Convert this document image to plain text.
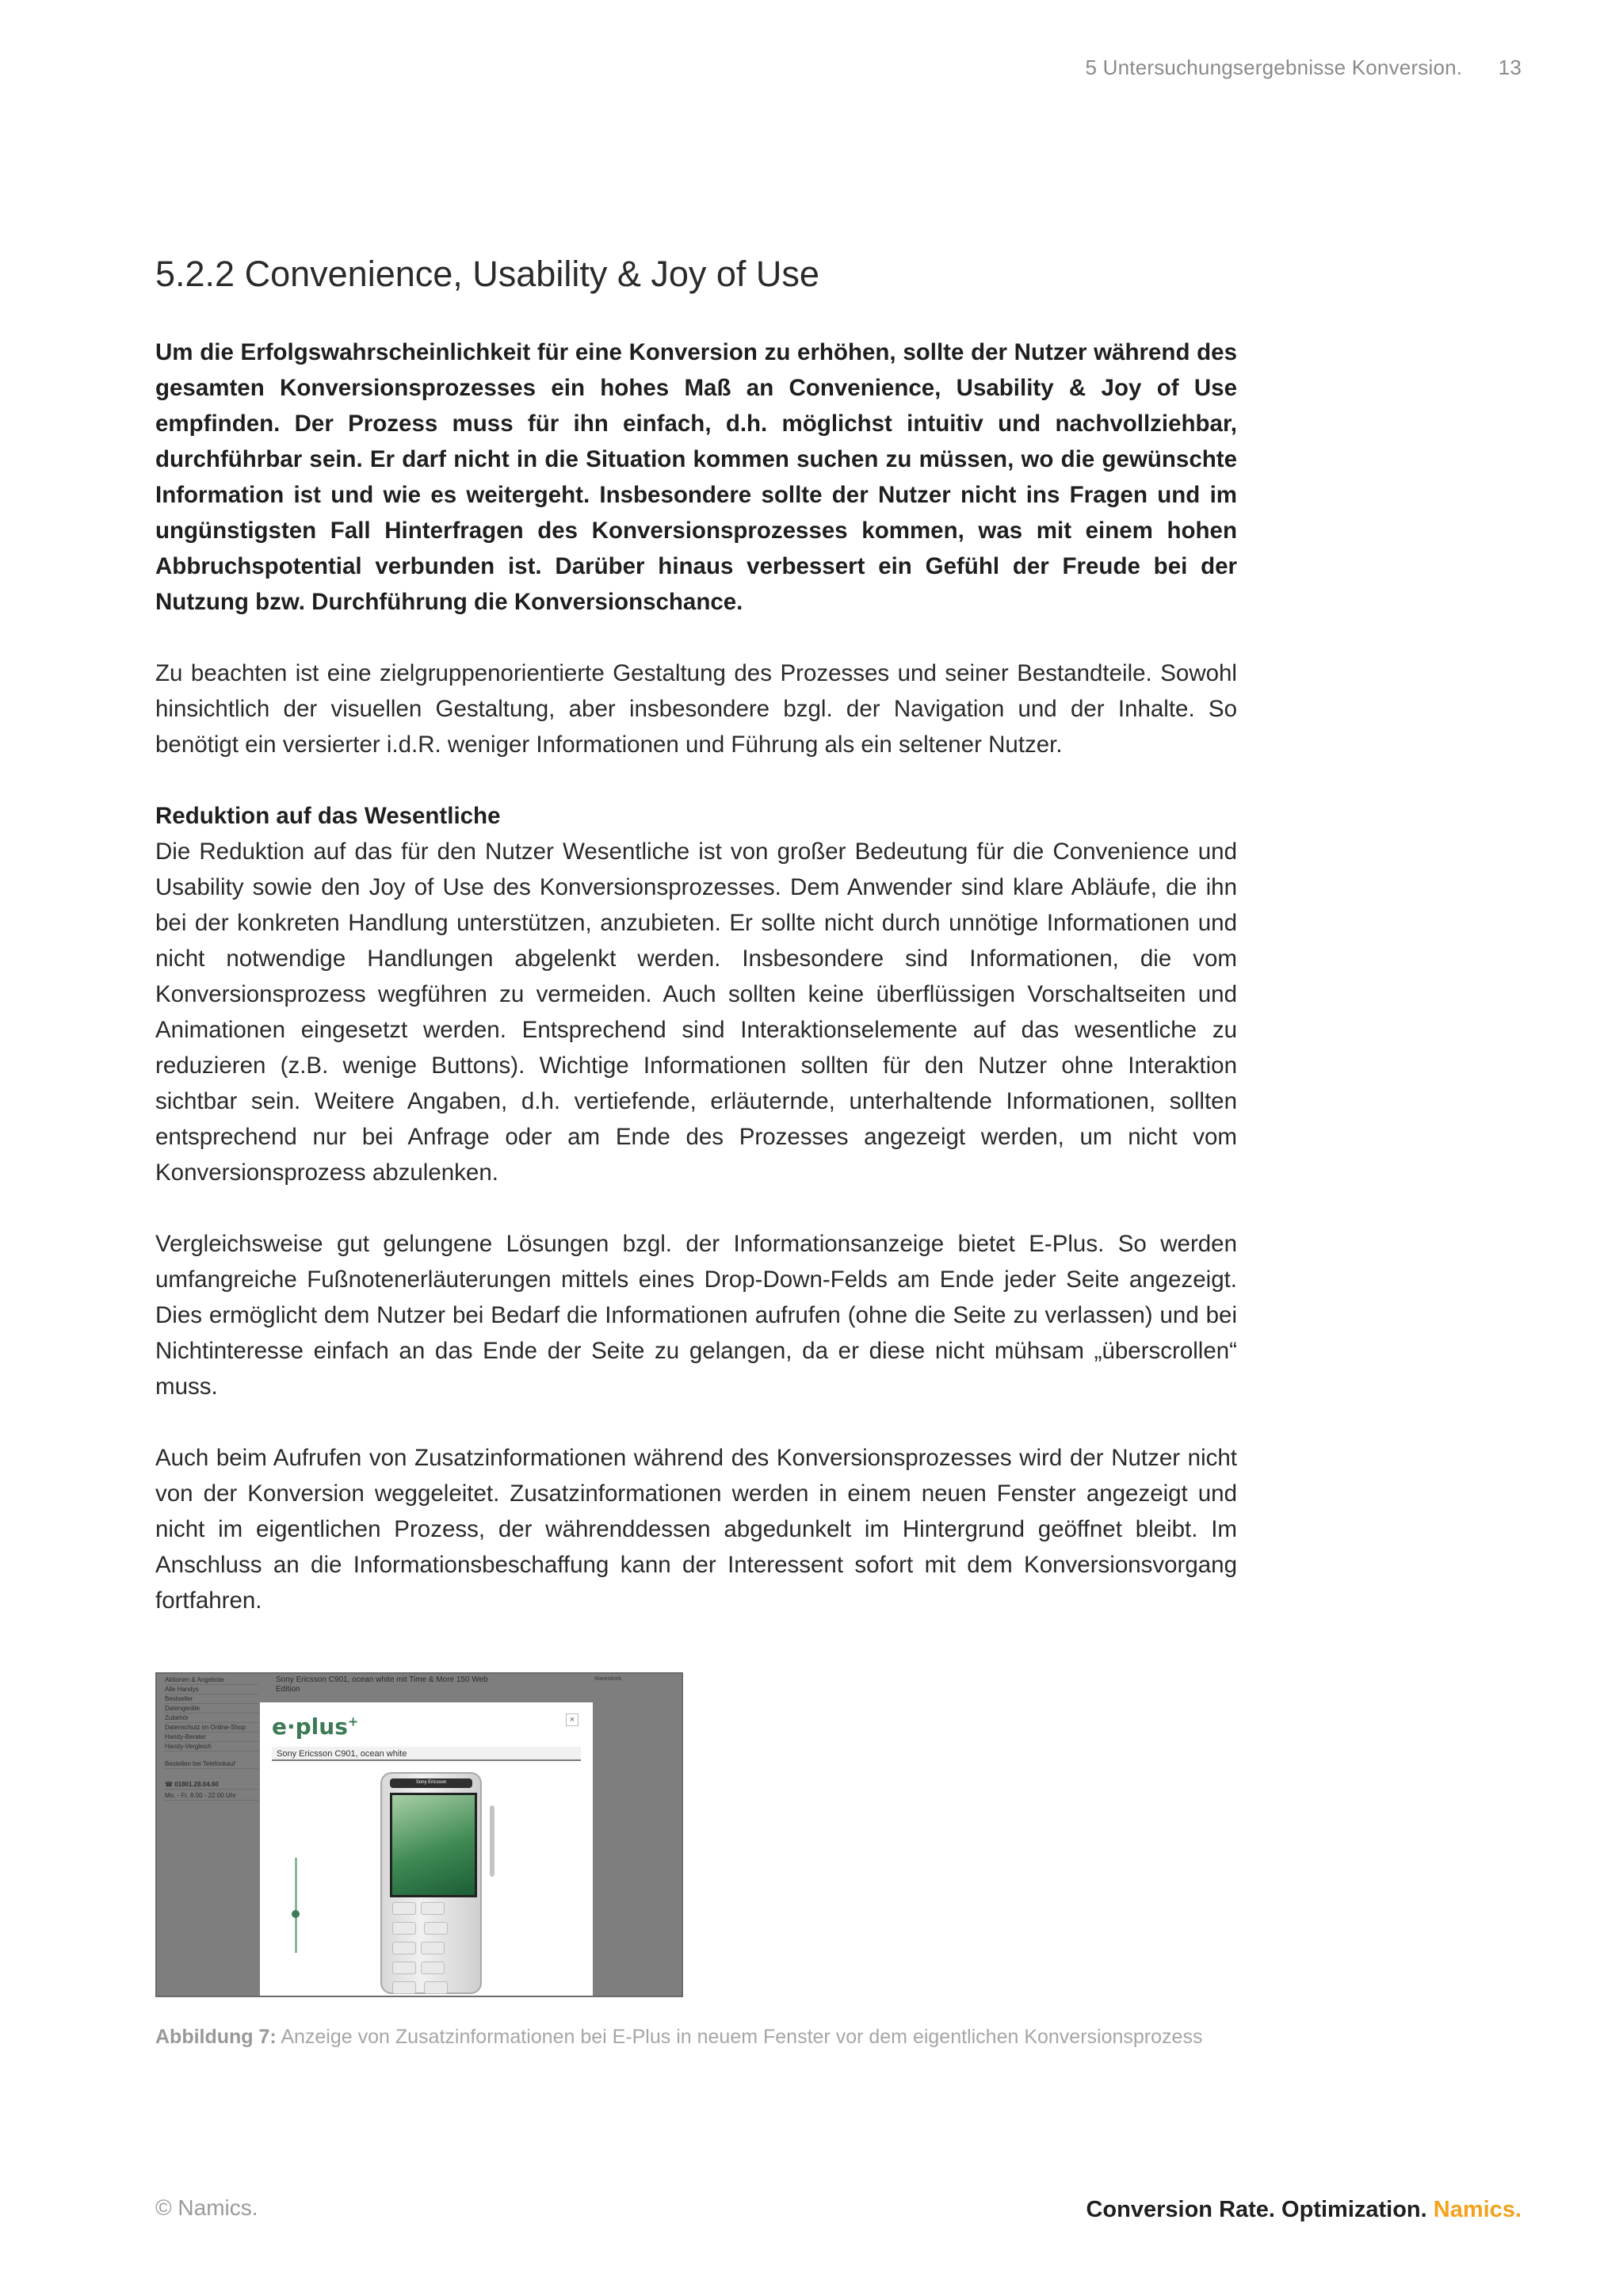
5 Untersuchungsergebnisse Konversion. 13
5.2.2 Convenience, Usability & Joy of Use

Um die Erfolgswahrscheinlichkeit für eine Konversion zu erhöhen, sollte der Nutzer während des gesamten Konversionsprozesses ein hohes Maß an Convenience, Usability & Joy of Use empfinden. Der Prozess muss für ihn einfach, d.h. möglichst intuitiv und nachvollziehbar, durchführbar sein. Er darf nicht in die Situation kommen suchen zu müssen, wo die gewünschte Information ist und wie es weitergeht. Insbesondere sollte der Nutzer nicht ins Fragen und im ungünstigsten Fall Hinterfragen des Konversionsprozesses kommen, was mit einem hohen Abbruchspotential verbunden ist. Darüber hinaus verbessert ein Gefühl der Freude bei der Nutzung bzw. Durchführung die Konversionschance.

Zu beachten ist eine zielgruppenorientierte Gestaltung des Prozesses und seiner Bestandteile. Sowohl hinsichtlich der visuellen Gestaltung, aber insbesondere bzgl. der Navigation und der Inhalte. So benötigt ein versierter i.d.R. weniger Informationen und Führung als ein seltener Nutzer.

Reduktion auf das Wesentliche

Die Reduktion auf das für den Nutzer Wesentliche ist von großer Bedeutung für die Convenience und Usability sowie den Joy of Use des Konversionsprozesses. Dem Anwender sind klare Abläufe, die ihn bei der konkreten Handlung unterstützen, anzubieten. Er sollte nicht durch unnötige Informationen und nicht notwendige Handlungen abgelenkt werden. Insbesondere sind Informationen, die vom Konversionsprozess wegführen zu vermeiden. Auch sollten keine überflüssigen Vorschaltseiten und Animationen eingesetzt werden. Entsprechend sind Interaktionselemente auf das wesentliche zu reduzieren (z.B. wenige Buttons). Wichtige Informationen sollten für den Nutzer ohne Interaktion sichtbar sein. Weitere Angaben, d.h. vertiefende, erläuternde, unterhaltende Informationen, sollten entsprechend nur bei Anfrage oder am Ende des Prozesses angezeigt werden, um nicht vom Konversionsprozess abzulenken.

Vergleichsweise gut gelungene Lösungen bzgl. der Informationsanzeige bietet E-Plus. So werden umfangreiche Fußnotenerläuterungen mittels eines Drop-Down-Felds am Ende jeder Seite angezeigt. Dies ermöglicht dem Nutzer bei Bedarf die Informationen aufrufen (ohne die Seite zu verlassen) und bei Nichtinteresse einfach an das Ende der Seite zu gelangen, da er diese nicht mühsam „überscrollen“ muss.

Auch beim Aufrufen von Zusatzinformationen während des Konversionsprozesses wird der Nutzer nicht von der Konversion weggeleitet. Zusatzinformationen werden in einem neuen Fenster angezeigt und nicht im eigentlichen Prozess, der währenddessen abgedunkelt im Hintergrund geöffnet bleibt. Im Anschluss an die Informationsbeschaffung kann der Interessent sofort mit dem Konversionsvorgang fortfahren.

Aktionen & Angebote
Alle Handys
Bestseller
Datengeräte
Zubehör
Datenschutz im Online-Shop
Handy-Berater
Handy-Vergleich
Bestellen bei Telefonkauf
☎ 01801.28.04.60
Mo. - Fr. 8.00 - 22.00 Uhr
Sony Ericsson C901, ocean white mit Time & More 150 Web Edition
Warenkorb
e·plus+	×
Sony Ericsson C901, ocean white
Sony Ericsson

Abbildung 7: Anzeige von Zusatzinformationen bei E-Plus in neuem Fenster vor dem eigentlichen Konversionsprozess
© Namics.	Conversion Rate. Optimization. Namics.
